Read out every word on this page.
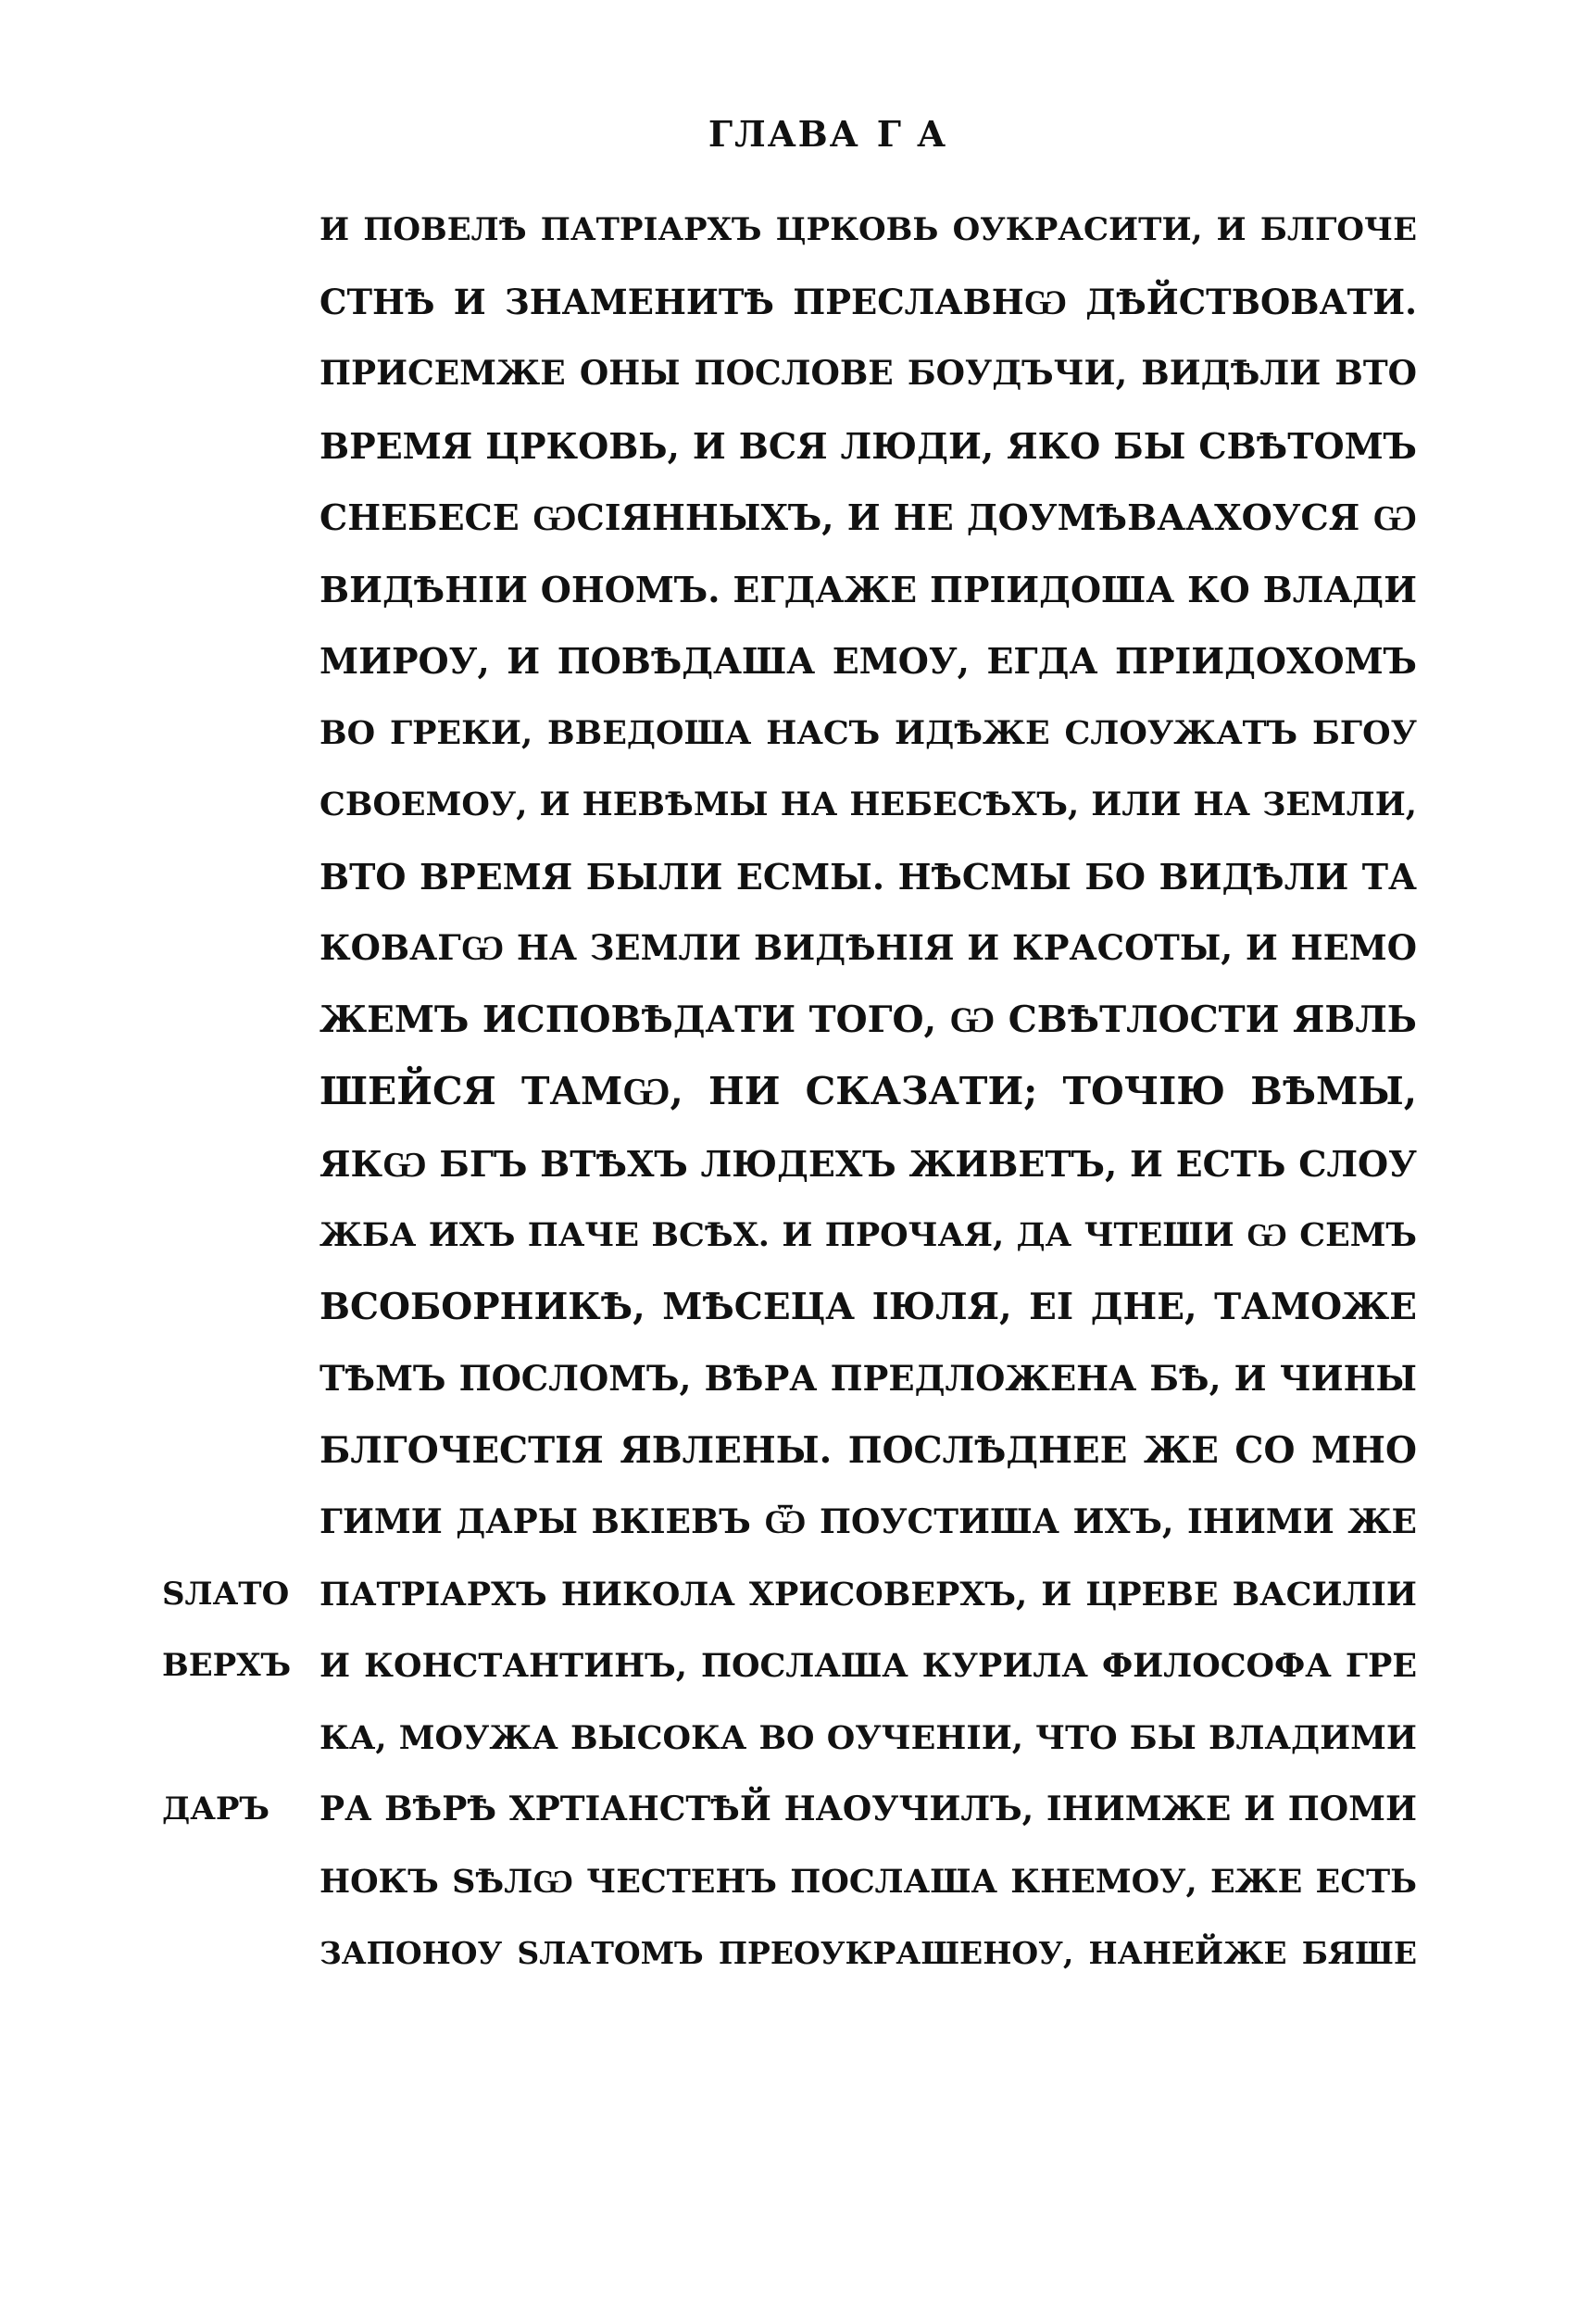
ГЛАВА Г А
И ПОВЕЛѢ ПАТРІАРХЪ ЦРКОВЬ ОУКРАСИТИ, И БЛГОЧЕ
СТНѢ И ЗНАМЕНИТѢ ПРЕСЛАВНѠ ДѢЙСТВОВАТИ.
ПРИСЕМЖЕ ОНЫ ПОСЛОВЕ БОУДЪЧИ, ВИДѢЛИ ВТО
ВРЕМЯ ЦРКОВЬ, И ВСЯ ЛЮДИ, ЯКО БЫ СВѢТОМЪ
СНЕБЕСЕ ѠСІЯННЫХЪ, И НЕ ДОУМѢВААХОУСЯ Ѡ
ВИДѢНІИ ОНОМЪ. ЕГДАЖЕ ПРІИДОША КО ВЛАДИ
МИРОУ, И ПОВѢДАША ЕМОУ, ЕГДА ПРІИДОХОМЪ
ВО ГРЕКИ, ВВЕДОША НАСЪ ИДѢЖЕ СЛОУЖАТЪ БГОУ
СВОЕМОУ, И НЕВѢМЫ НА НЕБЕСѢХЪ, ИЛИ НА ЗЕМЛИ,
ВТО ВРЕМЯ БЫЛИ ЕСМЫ. НѢСМЫ БО ВИДѢЛИ ТА
КОВАГѠ НА ЗЕМЛИ ВИДѢНІЯ И КРАСОТЫ, И НЕМО
ЖЕМЪ ИСПОВѢДАТИ ТОГО, Ѡ СВѢТЛОСТИ ЯВЛЬ
ШЕЙСЯ ТАМѠ, НИ СКАЗАТИ; ТОЧІЮ ВѢМЫ,
ЯКѠ БГЪ ВТѢХЪ ЛЮДЕХЪ ЖИВЕТЪ, И ЕСТЬ СЛОУ
ЖБА ИХЪ ПАЧЕ ВСѢХ. И ПРОЧАЯ, ДА ЧТЕШИ Ѡ СЕМЪ
ВСОБОРНИКѢ, МѢСЕЦА ІЮЛЯ, ЕІ ДНЕ, ТАМОЖЕ
ТѢМЪ ПОСЛОМЪ, ВѢРА ПРЕДЛОЖЕНА БѢ, И ЧИНЫ
БЛГОЧЕСТІЯ ЯВЛЕНЫ. ПОСЛѢДНЕЕ ЖЕ СО МНО
ГИМИ ДАРЫ ВКІЕВЪ Ѿ ПОУСТИША ИХЪ, ІНИМИ ЖЕ
ПАТРІАРХЪ НИКОЛА ХРИСОВЕРХЪ, И ЦРЕВЕ ВАСИЛІИ
И КОНСТАНТИНЪ, ПОСЛАША КУРИЛА ФИЛОСОФА ГРЕ
КА, МОУЖА ВЫСОКА ВО ОУЧЕНІИ, ЧТО БЫ ВЛАДИМИ
РА ВѢРѢ ХРТІАНСТѢЙ НАОУЧИЛЪ, ІНИМЖЕ И ПОМИ
НОКЪ ЅѢЛѠ ЧЕСТЕНЪ ПОСЛАША КНЕМОУ, ЕЖЕ ЕСТЬ
ЗАПОНОУ ЅЛАТОМЪ ПРЕОУКРАШЕНОУ, НАНЕЙЖЕ БЯШЕ
ЅЛАТО
ВЕРХЪ
ДАРЪ
